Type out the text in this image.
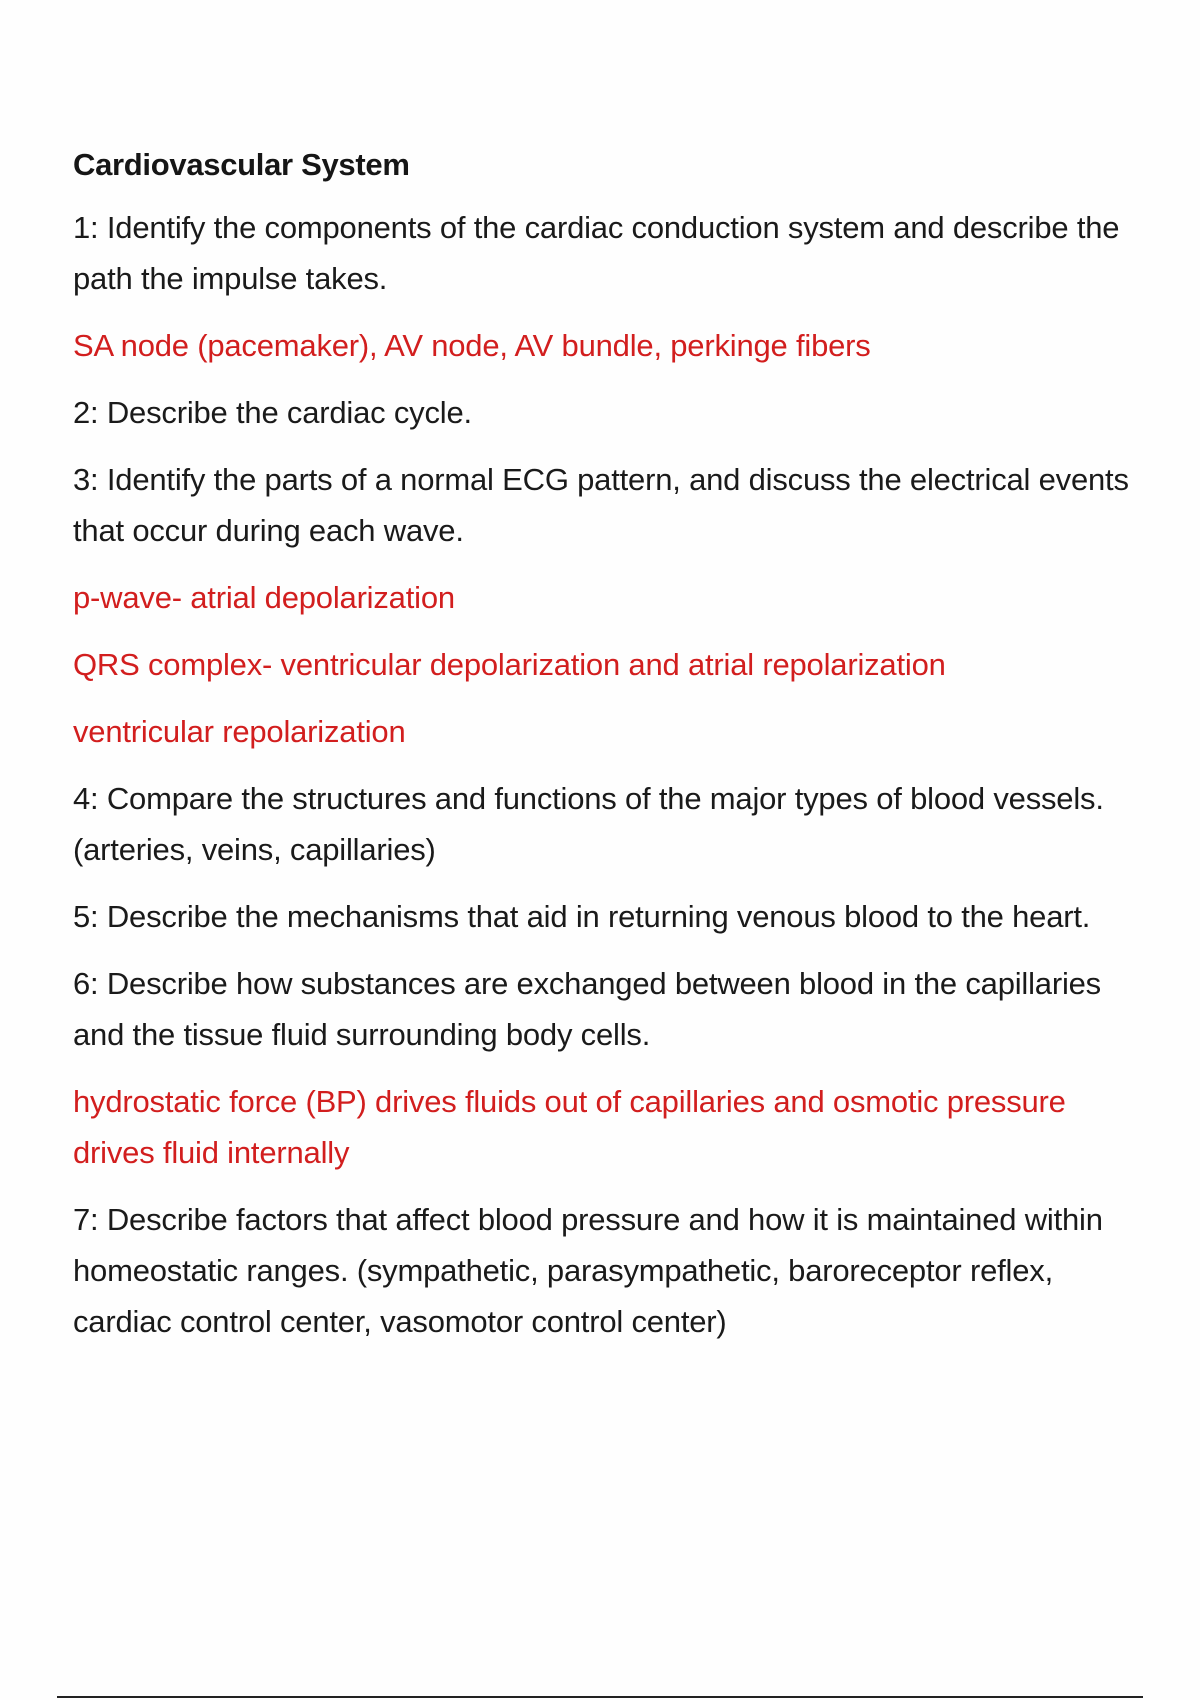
Cardiovascular System
1: Identify the components of the cardiac conduction system and describe the path the impulse takes.
SA node (pacemaker), AV node, AV bundle, perkinge fibers
2: Describe the cardiac cycle.
3: Identify the parts of a normal ECG pattern, and discuss the electrical events that occur during each wave.
p-wave- atrial depolarization
QRS complex- ventricular depolarization and atrial repolarization
ventricular repolarization
4: Compare the structures and functions of the major types of blood vessels. (arteries, veins, capillaries)
5: Describe the mechanisms that aid in returning venous blood to the heart.
6: Describe how substances are exchanged between blood in the capillaries and the tissue fluid surrounding body cells.
hydrostatic force (BP) drives fluids out of capillaries and osmotic pressure drives fluid internally
7: Describe factors that affect blood pressure and how it is maintained within homeostatic ranges. (sympathetic, parasympathetic, baroreceptor reflex, cardiac control center, vasomotor control center)
